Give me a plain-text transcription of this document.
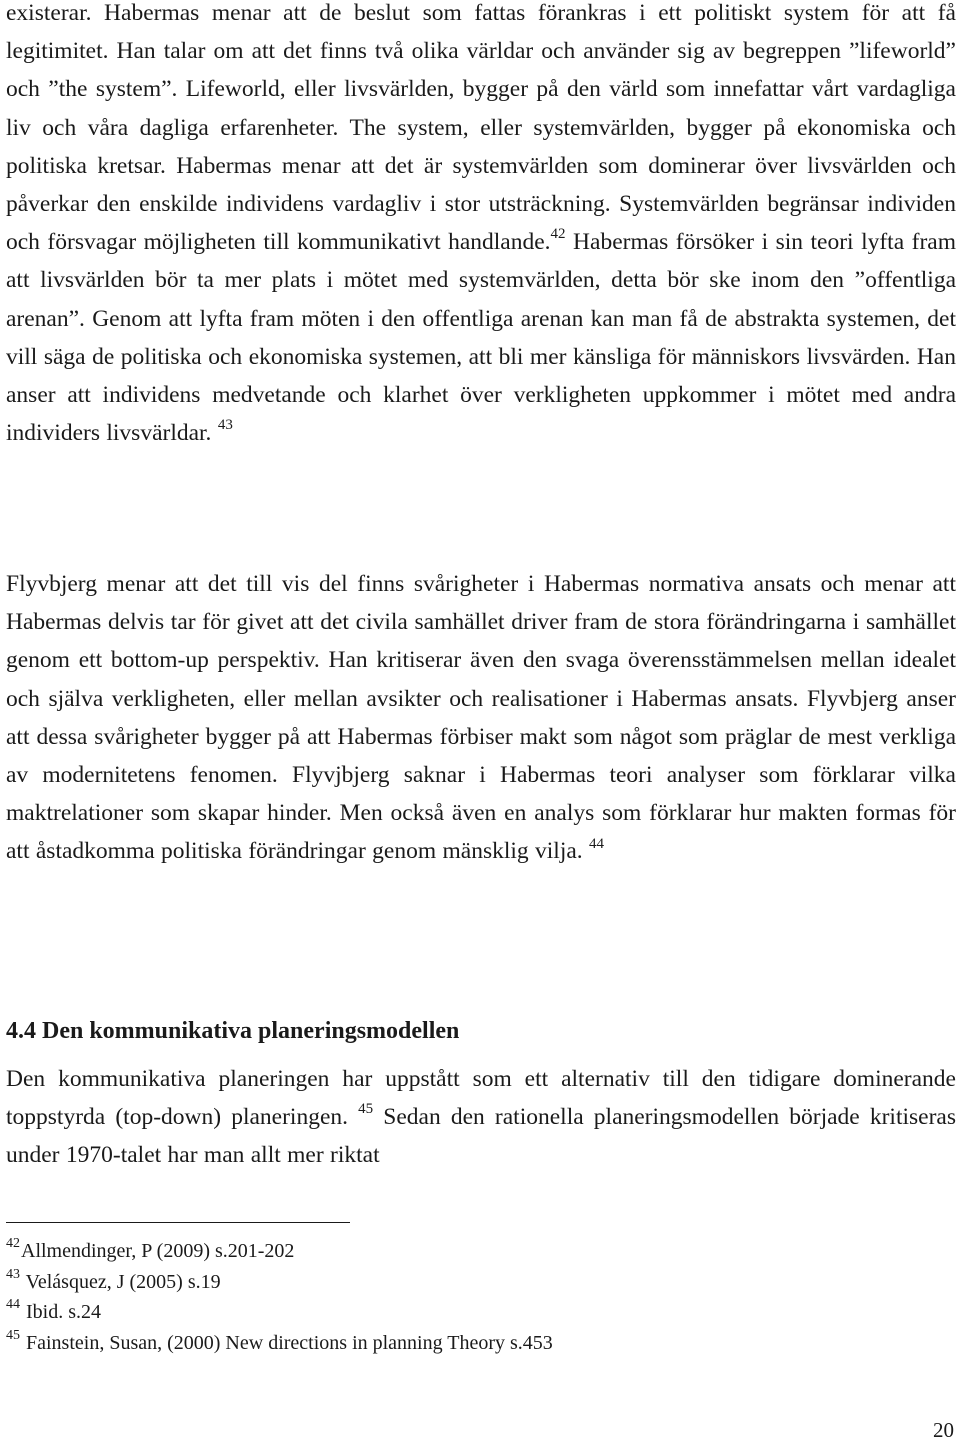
existerar. Habermas menar att de beslut som fattas förankras i ett politiskt system för att få legitimitet. Han talar om att det finns två olika världar och använder sig av begreppen ”lifeworld” och ”the system”. Lifeworld, eller livsvärlden, bygger på den värld som innefattar vårt vardagliga liv och våra dagliga erfarenheter. The system, eller systemvärlden, bygger på ekonomiska och politiska kretsar. Habermas menar att det är systemvärlden som dominerar över livsvärlden och påverkar den enskilde individens vardagliv i stor utsträckning. Systemvärlden begränsar individen och försvagar möjligheten till kommunikativt handlande.$^{42}$ Habermas försöker i sin teori lyfta fram att livsvärlden bör ta mer plats i mötet med systemvärlden, detta bör ske inom den ”offentliga arenan”. Genom att lyfta fram möten i den offentliga arenan kan man få de abstrakta systemen, det vill säga de politiska och ekonomiska systemen, att bli mer känsliga för människors livsvärden. Han anser att individens medvetande och klarhet över verkligheten uppkommer i mötet med andra individers livsvärldar. $^{43}$

Flyvbjerg menar att det till vis del finns svårigheter i Habermas normativa ansats och menar att Habermas delvis tar för givet att det civila samhället driver fram de stora förändringarna i samhället genom ett bottom-up perspektiv. Han kritiserar även den svaga överensstämmelsen mellan idealet och själva verkligheten, eller mellan avsikter och realisationer i Habermas ansats. Flyvbjerg anser att dessa svårigheter bygger på att Habermas förbiser makt som något som präglar de mest verkliga av modernitetens fenomen. Flyvjbjerg saknar i Habermas teori analyser som förklarar vilka maktrelationer som skapar hinder. Men också även en analys som förklarar hur makten formas för att åstadkomma politiska förändringar genom mänsklig vilja. $^{44}$

4.4 Den kommunikativa planeringsmodellen

Den kommunikativa planeringen har uppstått som ett alternativ till den tidigare dominerande toppstyrda (top-down) planeringen. $^{45}$ Sedan den rationella planeringsmodellen började kritiseras under 1970-talet har man allt mer riktat

$^{42}$Allmendinger, P (2009) s.201-202

$^{43}$ Velásquez, J (2005) s.19

$^{44}$ Ibid. s.24

$^{45}$ Fainstein, Susan, (2000) New directions in planning Theory s.453

20
